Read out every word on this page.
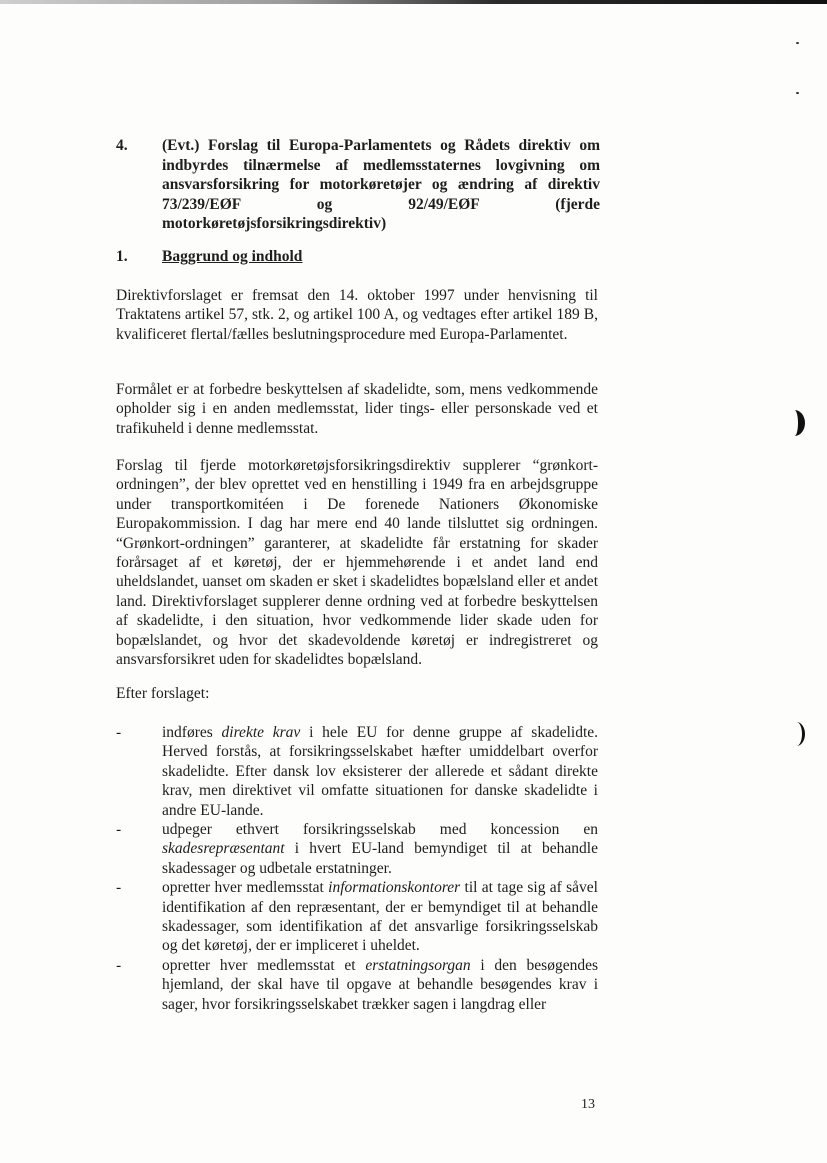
4. (Evt.) Forslag til Europa-Parlamentets og Rådets direktiv om indbyrdes tilnærmelse af medlemsstaternes lovgivning om ansvarsforsikring for motorkøretøjer og ændring af direktiv 73/239/EØF og 92/49/EØF (fjerde motorkøretøjsforsikringsdirektiv)
1. Baggrund og indhold

Direktivforslaget er fremsat den 14. oktober 1997 under henvisning til Traktatens artikel 57, stk. 2, og artikel 100 A, og vedtages efter artikel 189 B, kvalificeret flertal/fælles beslutningsprocedure med Europa-Parlamentet.

Formålet er at forbedre beskyttelsen af skadelidte, som, mens vedkommende opholder sig i en anden medlemsstat, lider tings- eller personskade ved et trafikuheld i denne medlemsstat.

Forslag til fjerde motorkøretøjsforsikringsdirektiv supplerer “grønkort-ordningen”, der blev oprettet ved en henstilling i 1949 fra en arbejdsgruppe under transportkomitéen i De forenede Nationers Økonomiske Europakommission. I dag har mere end 40 lande tilsluttet sig ordningen. “Grønkort-ordningen” garanterer, at skadelidte får erstatning for skader forårsaget af et køretøj, der er hjemmehørende i et andet land end uheldslandet, uanset om skaden er sket i skadelidtes bopælsland eller et andet land. Direktivforslaget supplerer denne ordning ved at forbedre beskyttelsen af skadelidte, i den situation, hvor vedkommende lider skade uden for bopælslandet, og hvor det skadevoldende køretøj er indregistreret og ansvarsforsikret uden for skadelidtes bopælsland.

Efter forslaget:

-	indføres direkte krav i hele EU for denne gruppe af skadelidte. Herved forstås, at forsikringsselskabet hæfter umiddelbart overfor skadelidte. Efter dansk lov eksisterer der allerede et sådant direkte krav, men direktivet vil omfatte situationen for danske skadelidte i andre EU-lande.
-	udpeger ethvert forsikringsselskab med koncession en skadesrepræsentant i hvert EU-land bemyndiget til at behandle skadessager og udbetale erstatninger.
-	opretter hver medlemsstat informationskontorer til at tage sig af såvel identifikation af den repræsentant, der er bemyndiget til at behandle skadessager, som identifikation af det ansvarlige forsikringsselskab og det køretøj, der er impliceret i uheldet.
-	opretter hver medlemsstat et erstatningsorgan i den besøgendes hjemland, der skal have til opgave at behandle besøgendes krav i sager, hvor forsikringsselskabet trækker sagen i langdrag eller
13
